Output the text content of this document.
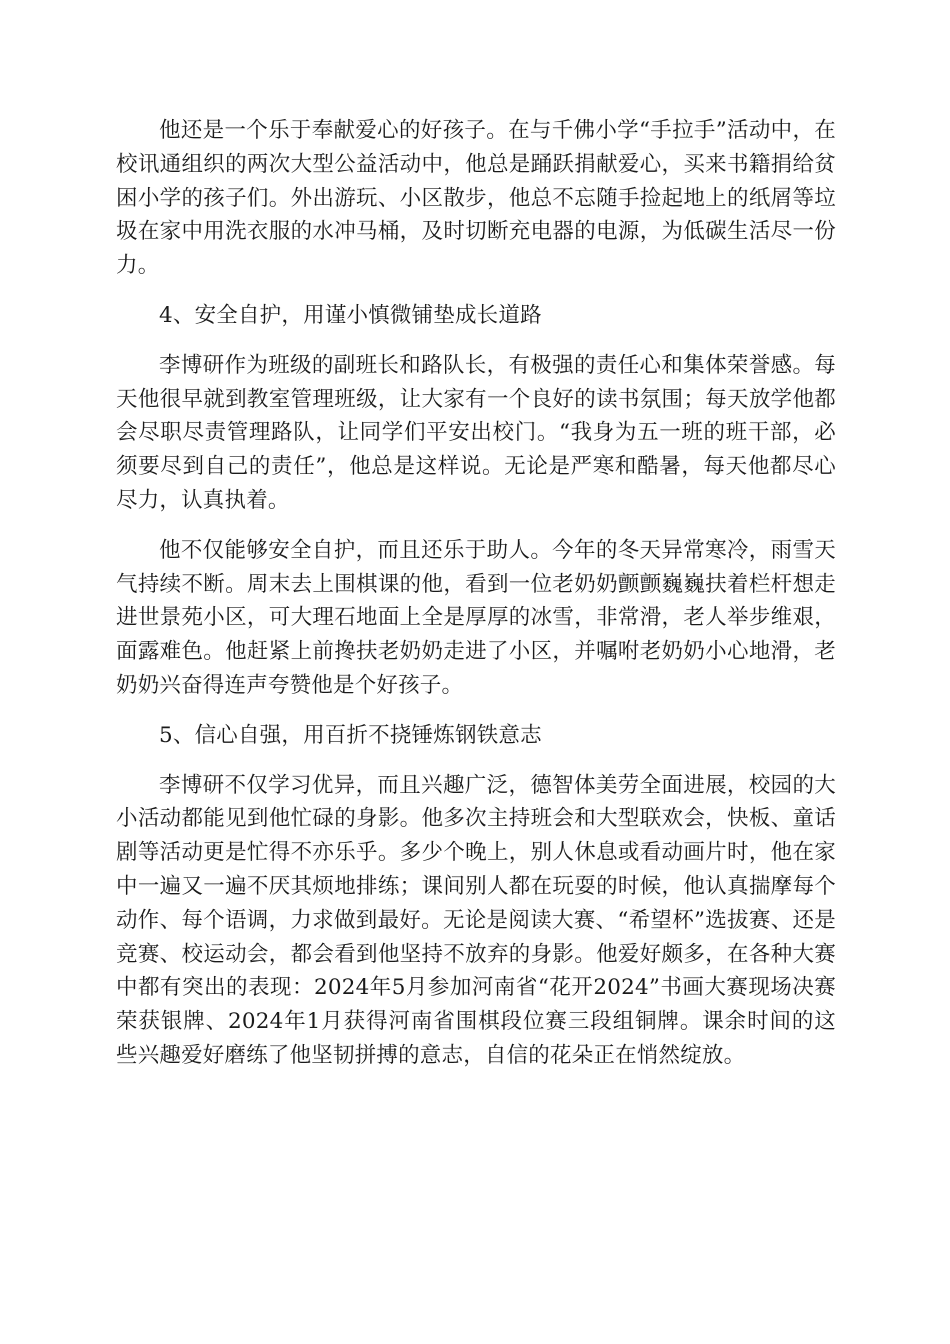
他还是一个乐于奉献爱心的好孩子。在与千佛小学“手拉手”活动中，在校讯通组织的两次大型公益活动中，他总是踊跃捐献爱心，买来书籍捐给贫困小学的孩子们。外出游玩、小区散步，他总不忘随手捡起地上的纸屑等垃圾在家中用洗衣服的水冲马桶，及时切断充电器的电源，为低碳生活尽一份力。

4、安全自护，用谨小慎微铺垫成长道路

李博研作为班级的副班长和路队长，有极强的责任心和集体荣誉感。每天他很早就到教室管理班级，让大家有一个良好的读书氛围；每天放学他都会尽职尽责管理路队，让同学们平安出校门。“我身为五一班的班干部，必须要尽到自己的责任”，他总是这样说。无论是严寒和酷暑，每天他都尽心尽力，认真执着。

他不仅能够安全自护，而且还乐于助人。今年的冬天异常寒冷，雨雪天气持续不断。周末去上围棋课的他，看到一位老奶奶颤颤巍巍扶着栏杆想走进世景苑小区，可大理石地面上全是厚厚的冰雪，非常滑，老人举步维艰，面露难色。他赶紧上前搀扶老奶奶走进了小区，并嘱咐老奶奶小心地滑，老奶奶兴奋得连声夸赞他是个好孩子。

5、信心自强，用百折不挠锤炼钢铁意志

李博研不仅学习优异，而且兴趣广泛，德智体美劳全面进展，校园的大小活动都能见到他忙碌的身影。他多次主持班会和大型联欢会，快板、童话剧等活动更是忙得不亦乐乎。多少个晚上，别人休息或看动画片时，他在家中一遍又一遍不厌其烦地排练；课间别人都在玩耍的时候，他认真揣摩每个动作、每个语调，力求做到最好。无论是阅读大赛、“希望杯”选拔赛、还是竞赛、校运动会，都会看到他坚持不放弃的身影。他爱好颇多，在各种大赛中都有突出的表现：2024年5月参加河南省“花开2024”书画大赛现场决赛荣获银牌、2024年1月获得河南省围棋段位赛三段组铜牌。课余时间的这些兴趣爱好磨练了他坚韧拼搏的意志，自信的花朵正在悄然绽放。
